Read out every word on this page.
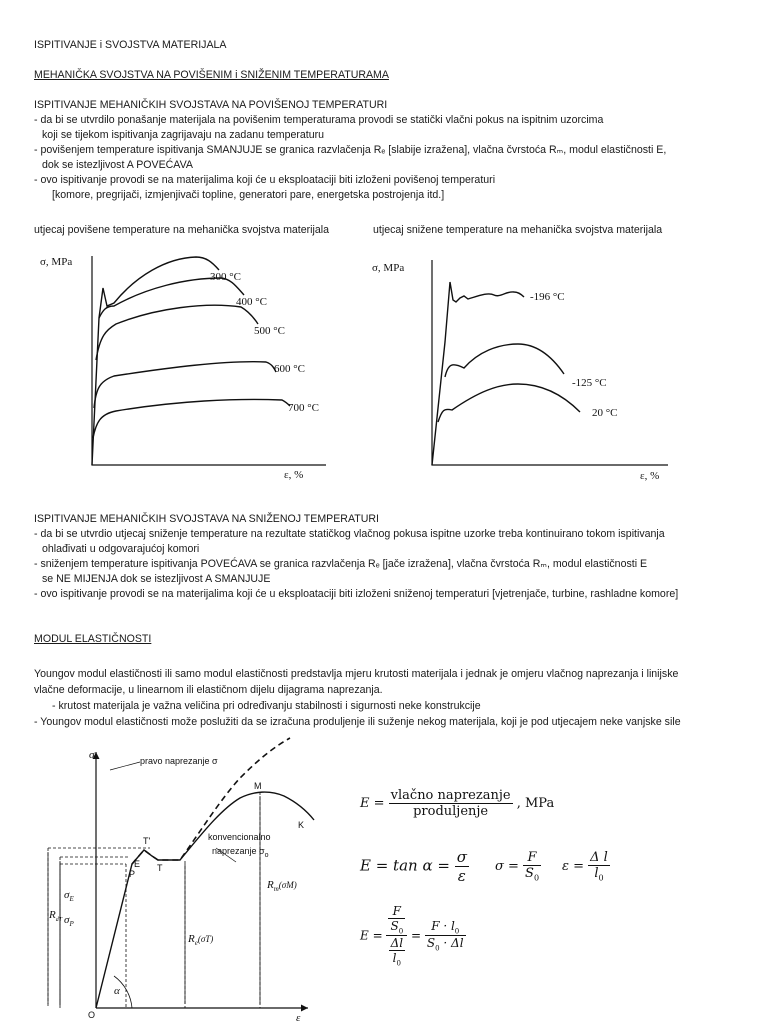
ISPITIVANJE i SVOJSTVA MATERIJALA
MEHANIČKA SVOJSTVA NA POVIŠENIM i SNIŽENIM TEMPERATURAMA
ISPITIVANJE MEHANIČKIH SVOJSTAVA NA POVIŠENOJ TEMPERATURI
- da bi se utvrdilo ponašanje materijala na povišenim temperaturama provodi se statički vlačni pokus na ispitnim uzorcima
koji se tijekom ispitivanja zagrijavaju na zadanu temperaturu
- povišenjem temperature ispitivanja SMANJUJE se granica razvlačenja Rₑ [slabije izražena], vlačna čvrstoća Rₘ, modul elastičnosti E,
dok se istezljivost A POVEĆAVA
- ovo ispitivanje provodi se na materijalima koji će u eksploataciji biti izloženi povišenoj temperaturi
[komore, pregrijači, izmjenjivači topline, generatori pare, energetska postrojenja itd.]
utjecaj povišene temperature na mehanička svojstva materijala	utjecaj snižene temperature na mehanička svojstva materijala
σ, MPa
ε, %
300 °C
400 °C
500 °C
600 °C
700 °C
σ, MPa
ε, %
-196 °C
-125 °C
20 °C
ISPITIVANJE MEHANIČKIH SVOJSTAVA NA SNIŽENOJ TEMPERATURI
- da bi se utvrdio utjecaj sniženje temperature na rezultate statičkog vlačnog pokusa ispitne uzorke treba kontinuirano tokom ispitivanja
ohlađivati u odgovarajućoj komori
- sniženjem temperature ispitivanja POVEĆAVA se granica razvlačenja Rₑ [jače izražena], vlačna čvrstoća Rₘ, modul elastičnosti E
se NE MIJENJA dok se istezljivost A SMANJUJE
- ovo ispitivanje provodi se na materijalima koji će u eksploataciji biti izloženi sniženoj temperaturi [vjetrenjače, turbine, rashladne komore]
MODUL ELASTIČNOSTI
Youngov modul elastičnosti ili samo modul elastičnosti predstavlja mjeru krutosti materijala i jednak je omjeru vlačnog naprezanja i linijske
vlačne deformacije, u linearnom ili elastičnom dijelu dijagrama naprezanja.
- krutost materijala je važna veličina pri određivanju stabilnosti i sigurnosti neke konstrukcije
- Youngov modul elastičnosti može poslužiti da se izračuna produljenje ili suženje nekog materijala, koji je pod utjecajem neke vanjske sile
σ
ε
α
pravo naprezanje σ
konvencionalno
naprezanje $\sigma_o$
T'
T
M
K
P
E
O
$\sigma_E$
$\sigma_P$
$R_{dT}$
$R_e^{(\sigma T)}$
$R_m^{(\sigma M)}$
$E = \frac{\text{vlačno naprezanje}}{\text{produljenje}}$ , MPa
$E = \tan \alpha = \frac{\sigma}{\varepsilon}$ $\sigma = \frac{F}{S_0}$ $\varepsilon = \frac{\text{Δ l}}{l_0}$
$E = \frac{\frac{F}{S_0}}{\frac{\Delta l}{l_0}} = \frac{F \cdot l_0}{S_0 \cdot \Delta l}$
